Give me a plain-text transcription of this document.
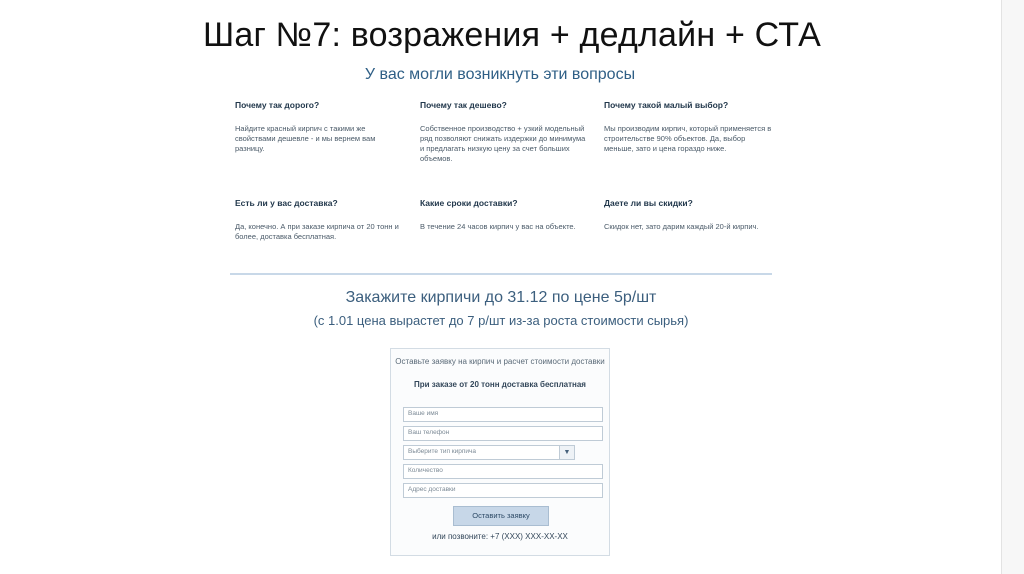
Шаг №7: возражения + дедлайн + СТА
У вас могли возникнуть эти вопросы
Почему так дорого?
Найдите красный кирпич с такими же свойствами дешевле - и мы вернем вам разницу.
Почему так дешево?
Собственное производство + узкий модельный ряд позволяют снижать издержки до минимума и предлагать низкую цену за счет больших объемов.
Почему такой малый выбор?
Мы производим кирпич, который применяется в строительстве 90% объектов. Да, выбор меньше, зато и цена гораздо ниже.
Есть ли у вас доставка?
Да, конечно. А при заказе кирпича от 20 тонн и более, доставка бесплатная.
Какие сроки доставки?
В течение 24 часов кирпич у вас на объекте.
Даете ли вы скидки?
Скидок нет, зато дарим каждый 20-й кирпич.
Закажите кирпичи до 31.12 по цене 5р/шт
(с 1.01 цена вырастет до 7 р/шт из-за роста стоимости сырья)
Оставьте заявку на кирпич и расчет стоимости доставки
При заказе от 20 тонн доставка бесплатная
Ваше имя
Ваш телефон
Выберите тип кирпича	▼
Количество
Адрес доставки
Оставить заявку
или позвоните: +7 (XXX) XXX-XX-XX
